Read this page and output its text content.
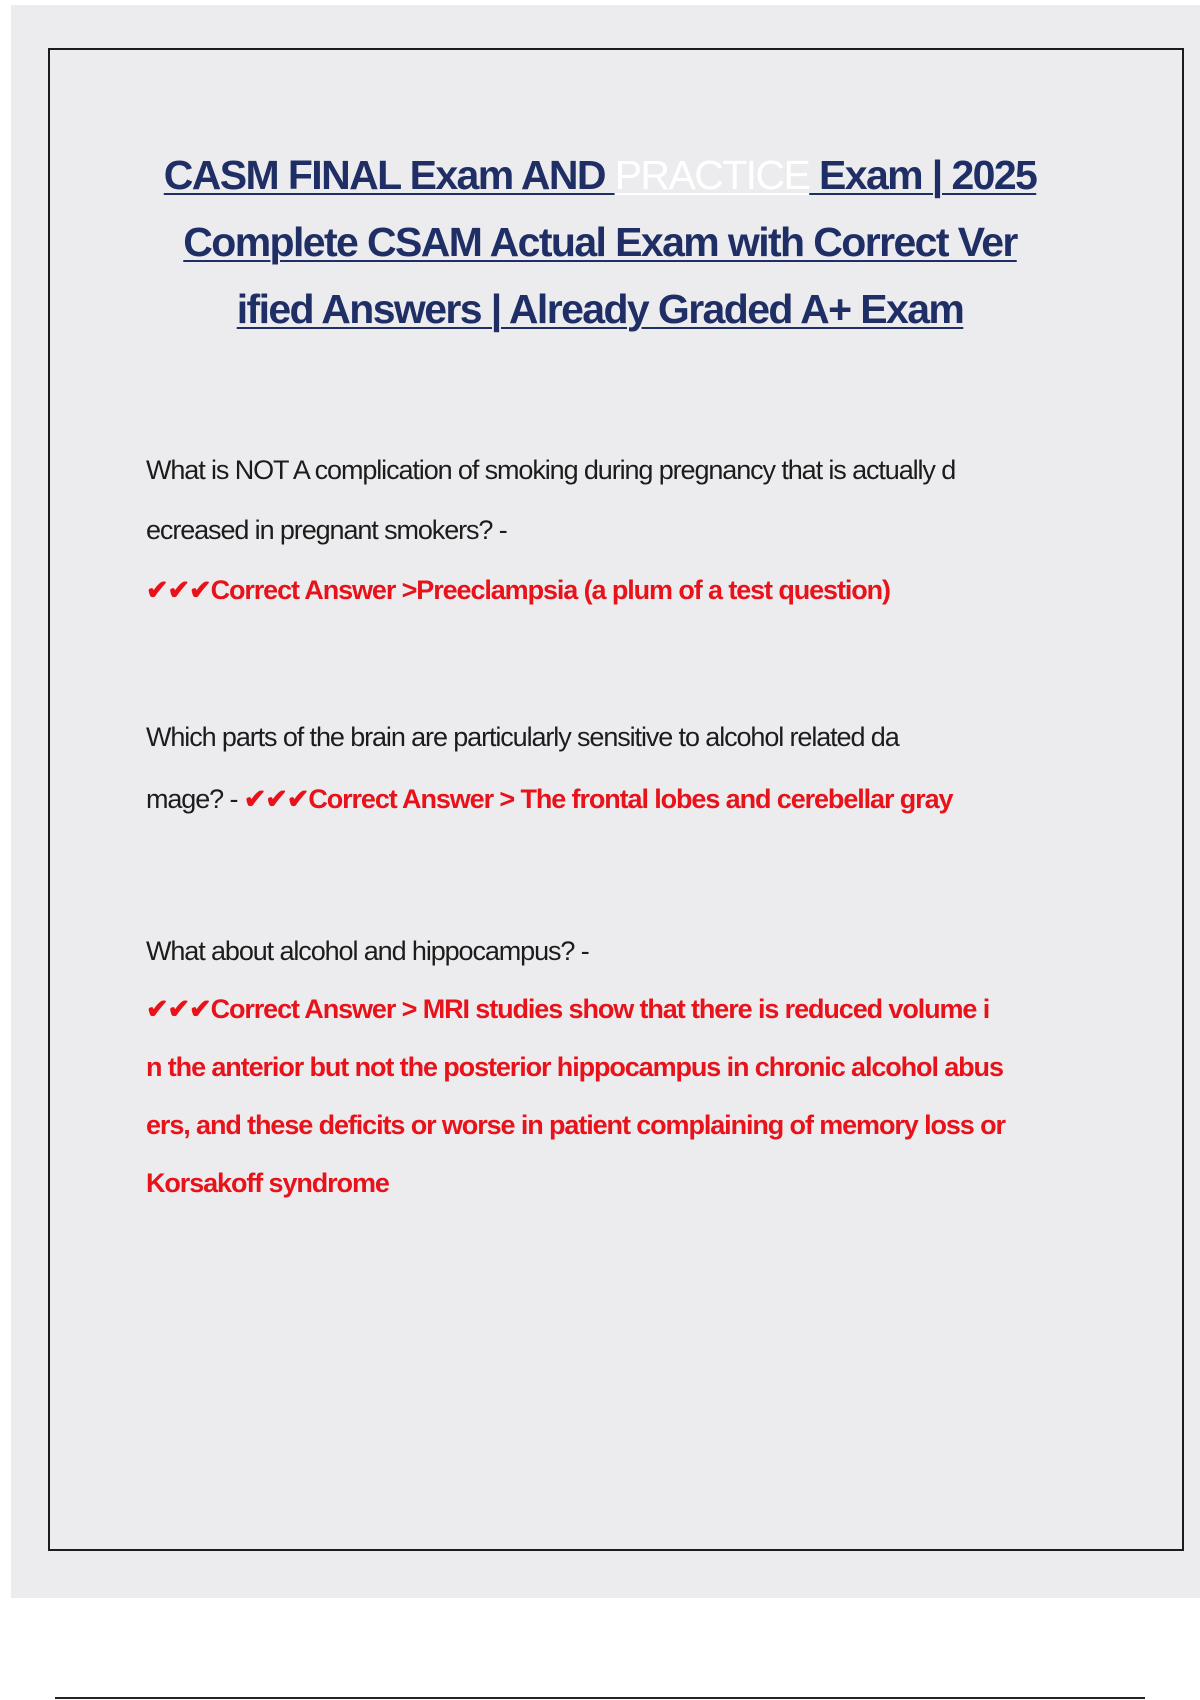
CASM FINAL Exam AND PRACTICE Exam | 2025
Complete CSAM Actual Exam with Correct Ver
ified Answers | Already Graded A+ Exam
What is NOT A complication of smoking during pregnancy that is actually d
ecreased in pregnant smokers? -
✔✔✔Correct Answer >Preeclampsia (a plum of a test question)
Which parts of the brain are particularly sensitive to alcohol related da
mage? - ✔✔✔Correct Answer > The frontal lobes and cerebellar gray
What about alcohol and hippocampus? -
✔✔✔Correct Answer > MRI studies show that there is reduced volume i
n the anterior but not the posterior hippocampus in chronic alcohol abus
ers, and these deficits or worse in patient complaining of memory loss or
Korsakoff syndrome
